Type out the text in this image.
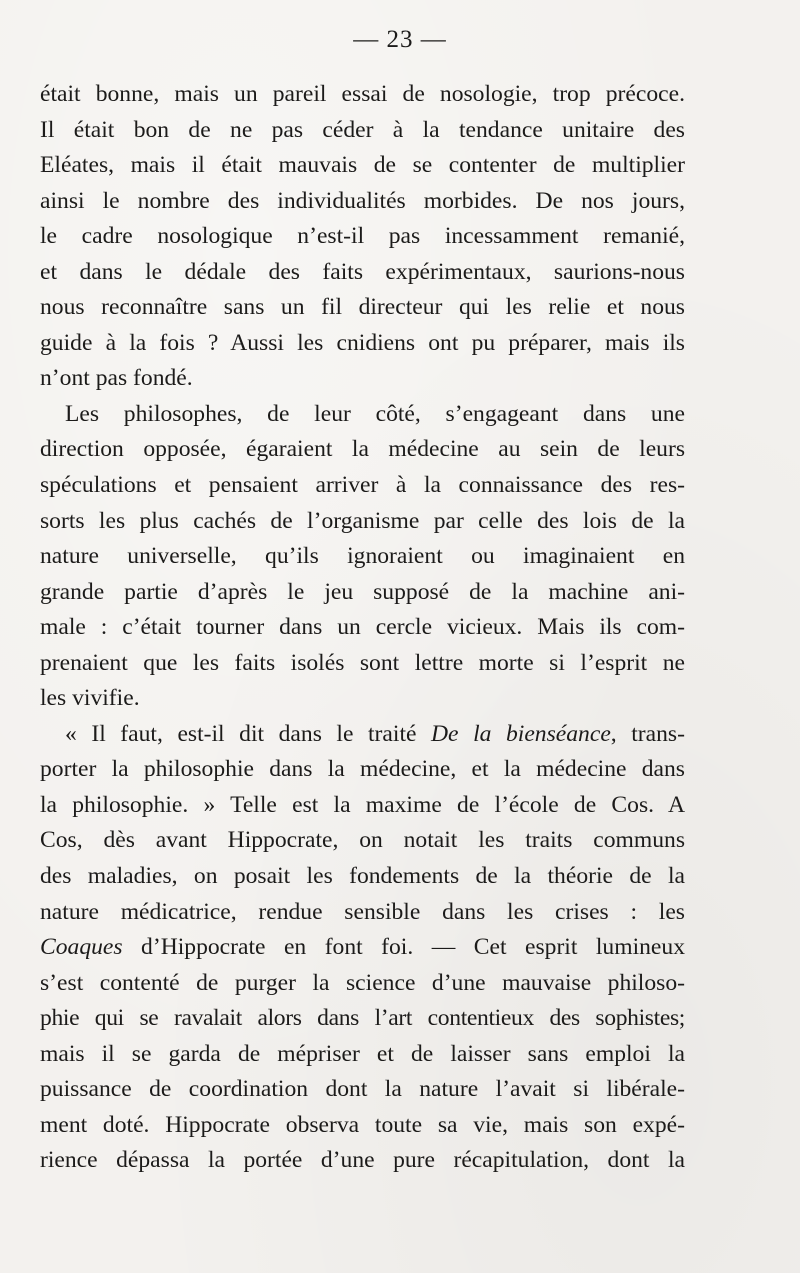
— 23 —
était bonne, mais un pareil essai de nosologie, trop précoce.
Il était bon de ne pas céder à la tendance unitaire des
Eléates, mais il était mauvais de se contenter de multiplier
ainsi le nombre des individualités morbides. De nos jours,
le cadre nosologique n’est-il pas incessamment remanié,
et dans le dédale des faits expérimentaux, saurions-nous
nous reconnaître sans un fil directeur qui les relie et nous
guide à la fois ? Aussi les cnidiens ont pu préparer, mais ils
n’ont pas fondé.
Les philosophes, de leur côté, s’engageant dans une
direction opposée, égaraient la médecine au sein de leurs
spéculations et pensaient arriver à la connaissance des res-
sorts les plus cachés de l’organisme par celle des lois de la
nature universelle, qu’ils ignoraient ou imaginaient en
grande partie d’après le jeu supposé de la machine ani-
male : c’était tourner dans un cercle vicieux. Mais ils com-
prenaient que les faits isolés sont lettre morte si l’esprit ne
les vivifie.
« Il faut, est-il dit dans le traité De la bienséance, trans-
porter la philosophie dans la médecine, et la médecine dans
la philosophie. » Telle est la maxime de l’école de Cos. A
Cos, dès avant Hippocrate, on notait les traits communs
des maladies, on posait les fondements de la théorie de la
nature médicatrice, rendue sensible dans les crises : les
Coaques d’Hippocrate en font foi. — Cet esprit lumineux
s’est contenté de purger la science d’une mauvaise philoso-
phie qui se ravalait alors dans l’art contentieux des sophistes;
mais il se garda de mépriser et de laisser sans emploi la
puissance de coordination dont la nature l’avait si libérale-
ment doté. Hippocrate observa toute sa vie, mais son expé-
rience dépassa la portée d’une pure récapitulation, dont la
